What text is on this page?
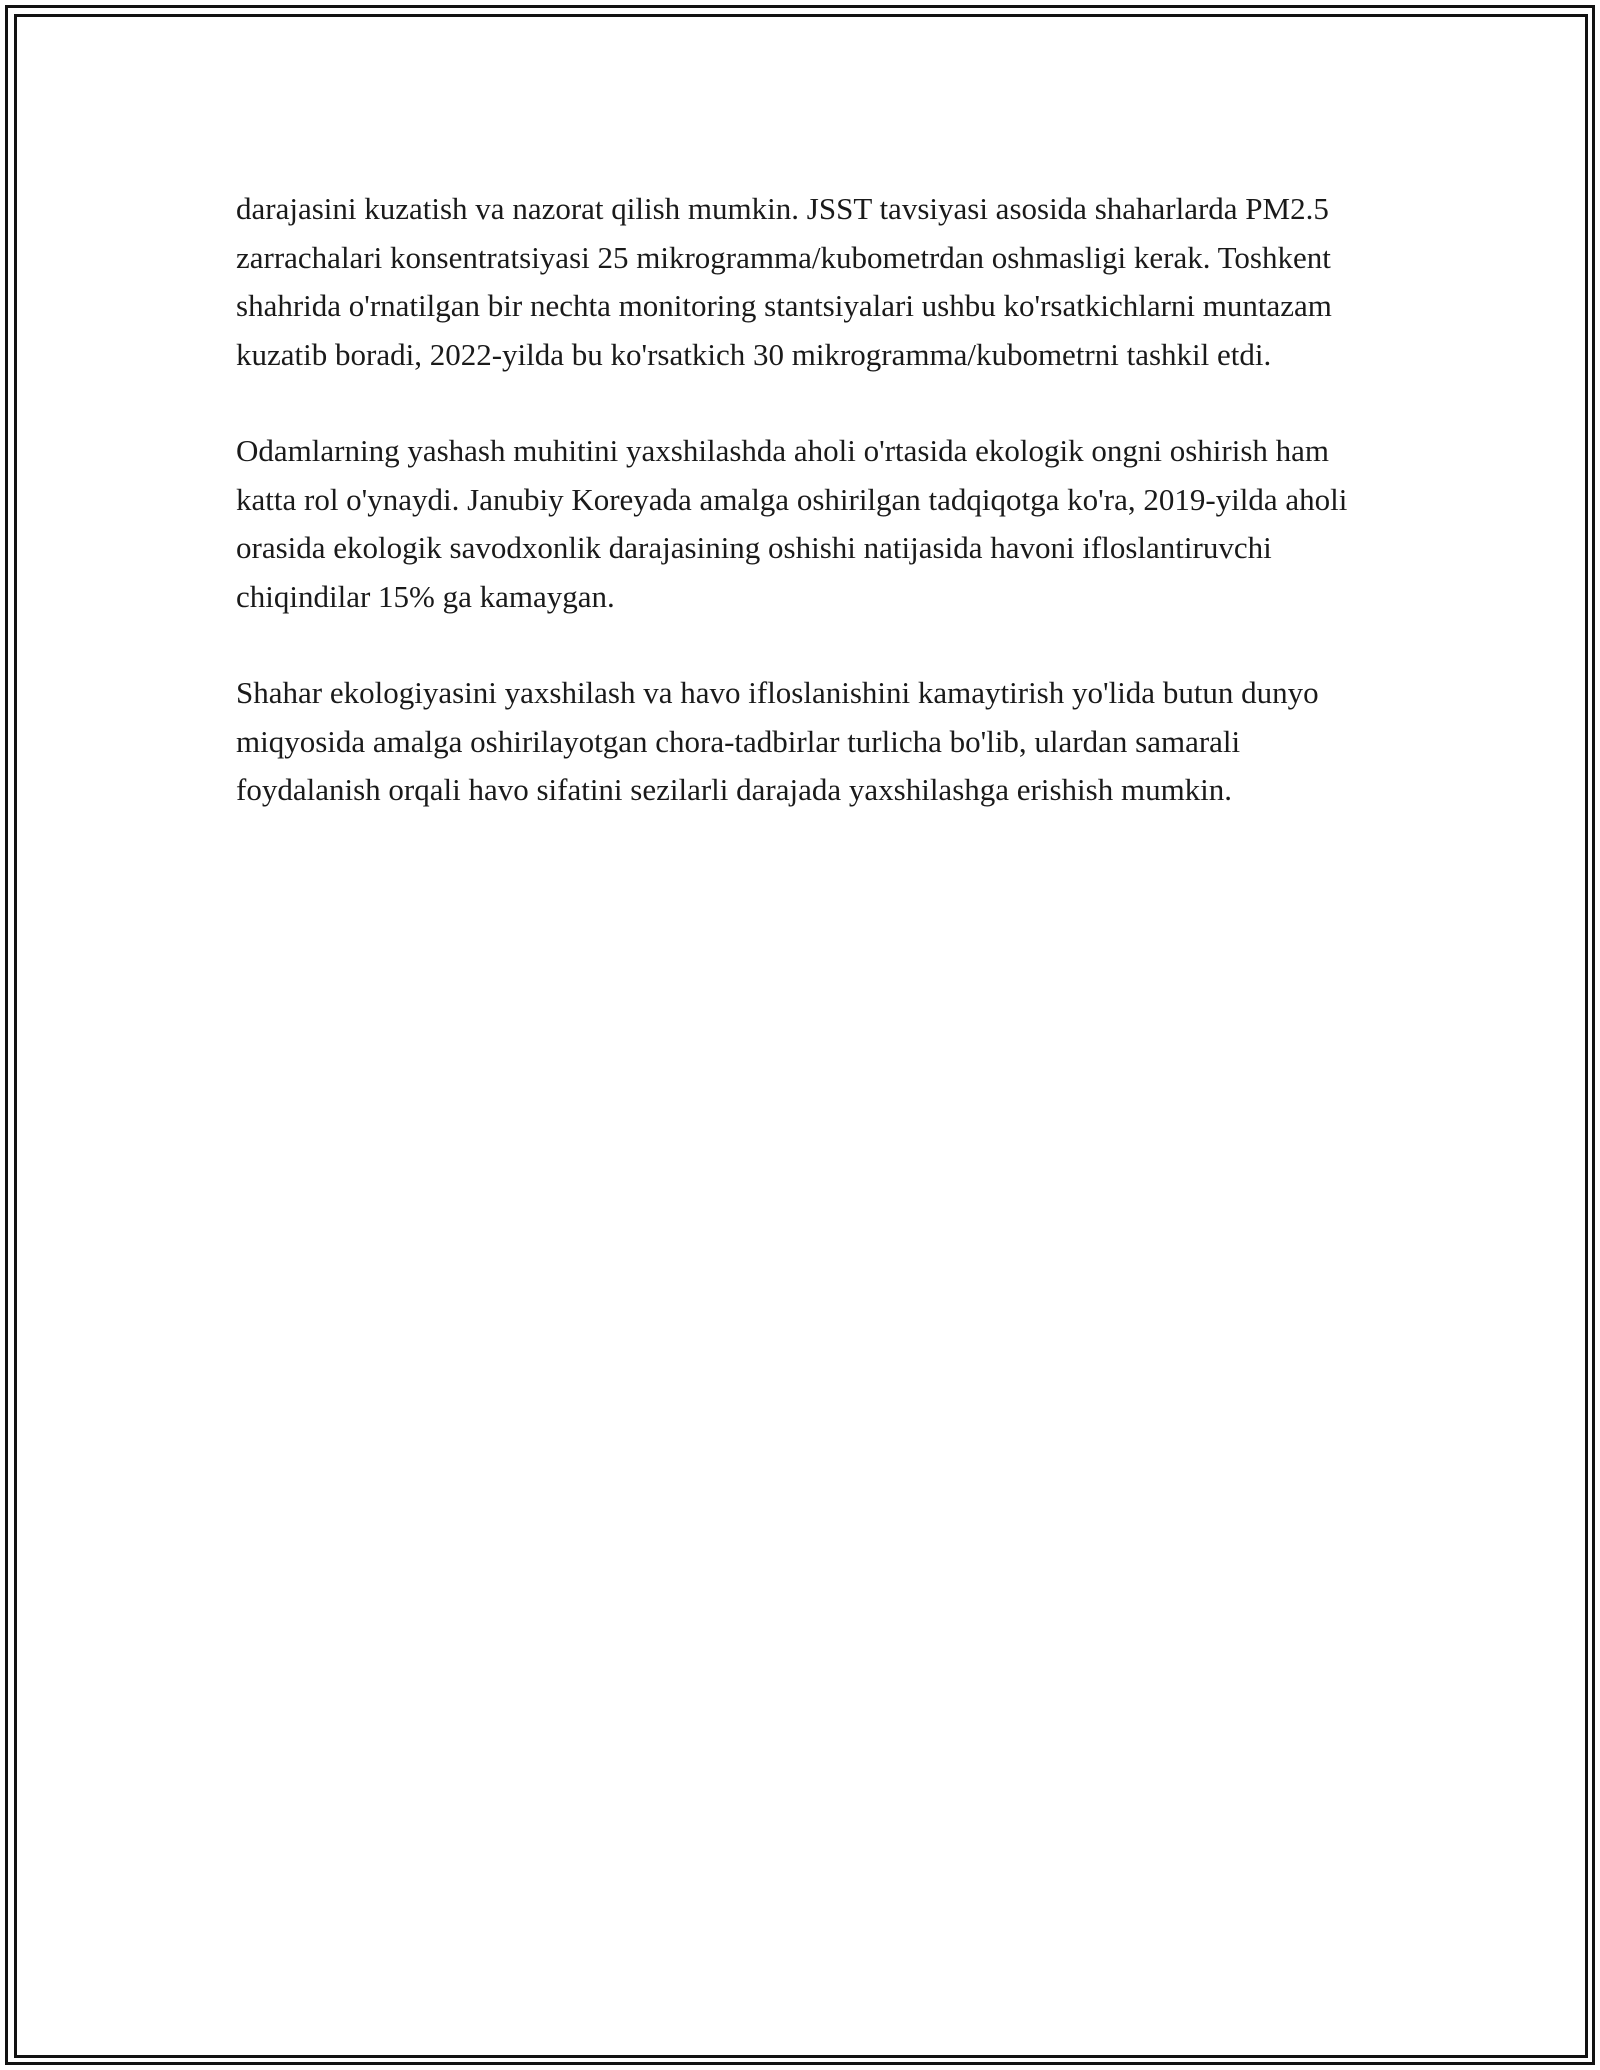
darajasini kuzatish va nazorat qilish mumkin. JSST tavsiyasi asosida shaharlarda PM2.5 zarrachalari konsentratsiyasi 25 mikrogramma/kubometrdan oshmasligi kerak. Toshkent shahrida o'rnatilgan bir nechta monitoring stantsiyalari ushbu ko'rsatkichlarni muntazam kuzatib boradi, 2022-yilda bu ko'rsatkich 30 mikrogramma/kubometrni tashkil etdi.

Odamlarning yashash muhitini yaxshilashda aholi o'rtasida ekologik ongni oshirish ham katta rol o'ynaydi. Janubiy Koreyada amalga oshirilgan tadqiqotga ko'ra, 2019-yilda aholi orasida ekologik savodxonlik darajasining oshishi natijasida havoni ifloslantiruvchi chiqindilar 15% ga kamaygan.

Shahar ekologiyasini yaxshilash va havo ifloslanishini kamaytirish yo'lida butun dunyo miqyosida amalga oshirilayotgan chora-tadbirlar turlicha bo'lib, ulardan samarali foydalanish orqali havo sifatini sezilarli darajada yaxshilashga erishish mumkin.
